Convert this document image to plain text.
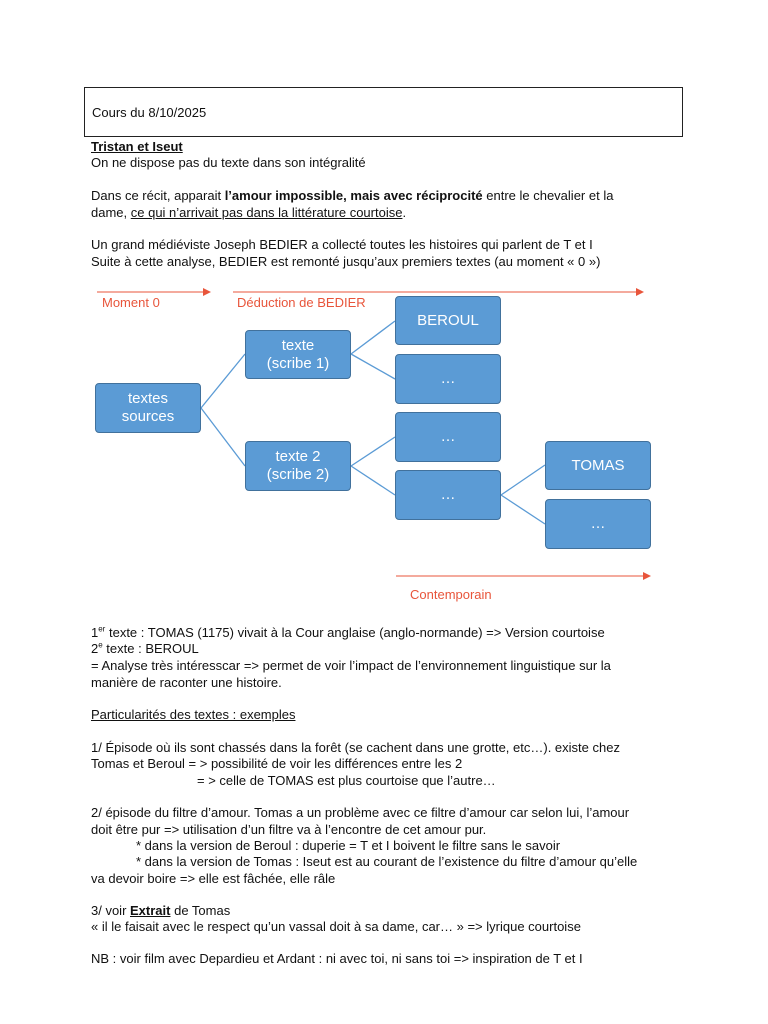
Cours du 8/10/2025
Tristan et Iseut
On ne dispose pas du texte dans son intégralité
Dans ce récit, apparait l’amour impossible, mais avec réciprocité entre le chevalier et la
dame, ce qui n’arrivait pas dans la littérature courtoise.
Un grand médiéviste Joseph BEDIER a collecté toutes les histoires qui parlent de T et I
Suite à cette analyse, BEDIER est remonté jusqu’aux premiers textes (au moment « 0 »)
Moment 0	Déduction de BEDIER
Contemporain
textes
sources
texte
(scribe 1)
texte 2
(scribe 2)
BEROUL
…
…
…
TOMAS
…
1er texte : TOMAS (1175) vivait à la Cour anglaise (anglo-normande) => Version courtoise
2e texte : BEROUL
= Analyse très intéresscar => permet de voir l’impact de l’environnement linguistique sur la
manière de raconter une histoire.
Particularités des textes : exemples
1/ Épisode où ils sont chassés dans la forêt (se cachent dans une grotte, etc…). existe chez
Tomas et Beroul = > possibilité de voir les différences entre les 2
= > celle de TOMAS est plus courtoise que l’autre…
2/ épisode du filtre d’amour. Tomas a un problème avec ce filtre d’amour car selon lui, l’amour
doit être pur => utilisation d’un filtre va à l’encontre de cet amour pur.
* dans la version de Beroul : duperie = T et I boivent le filtre sans le savoir
* dans la version de Tomas : Iseut est au courant de l’existence du filtre d’amour qu’elle
va devoir boire => elle est fâchée, elle râle
3/ voir Extrait de Tomas
« il le faisait avec le respect qu’un vassal doit à sa dame, car… » => lyrique courtoise
NB : voir film avec Depardieu et Ardant : ni avec toi, ni sans toi => inspiration de T et I
